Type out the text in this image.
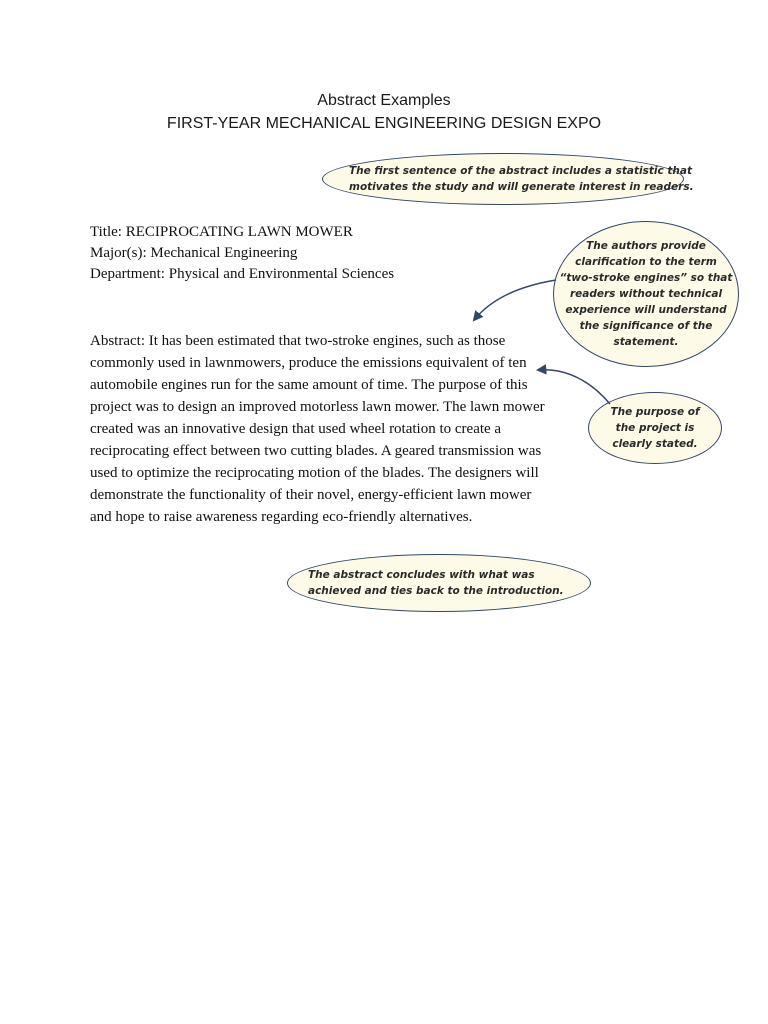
Abstract Examples
FIRST-YEAR MECHANICAL ENGINEERING DESIGN EXPO
The first sentence of the abstract includes a statistic that
motivates the study and will generate interest in readers.
Title: RECIPROCATING LAWN MOWER
Major(s): Mechanical Engineering
Department: Physical and Environmental Sciences
The authors provide
clarification to the term
“two-stroke engines” so that
readers without technical
experience will understand
the significance of the
statement.

Abstract: It has been estimated that two-stroke engines, such as those
commonly used in lawnmowers, produce the emissions equivalent of ten
automobile engines run for the same amount of time. The purpose of this
project was to design an improved motorless lawn mower. The lawn mower
created was an innovative design that used wheel rotation to create a
reciprocating effect between two cutting blades. A geared transmission was
used to optimize the reciprocating motion of the blades. The designers will
demonstrate the functionality of their novel, energy-efficient lawn mower
and hope to raise awareness regarding eco-friendly alternatives.

The purpose of
the project is
clearly stated.
The abstract concludes with what was
achieved and ties back to the introduction.
